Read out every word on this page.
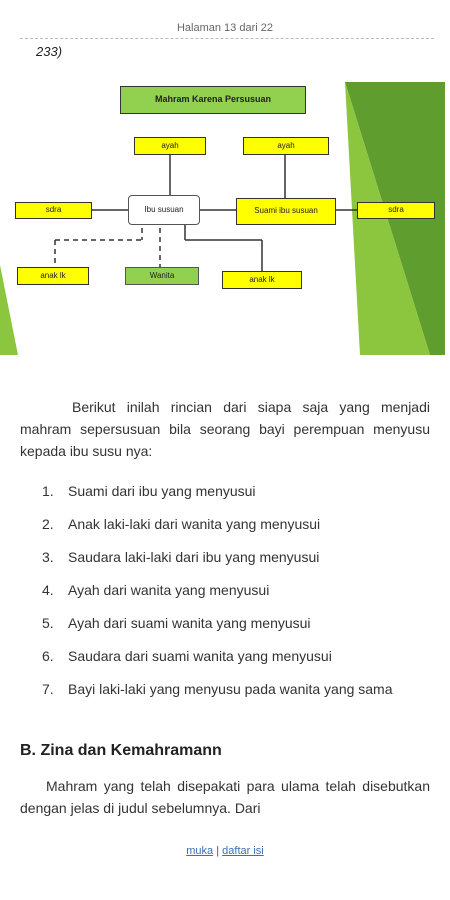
Halaman 13 dari 22
233)
Mahram Karena Persusuan
ayah	ayah
sdra	Ibu susuan	Suami ibu susuan	sdra
anak lk	Wanita	anak lk
Berikut inilah rincian dari siapa saja yang menjadi mahram sepersusuan bila seorang bayi perempuan menyusu kepada ibu susu nya:
1. Suami dari ibu yang menyusui
2. Anak laki-laki dari wanita yang menyusui
3. Saudara laki-laki dari ibu yang menyusui
4. Ayah dari wanita yang menyusui
5. Ayah dari suami wanita yang menyusui
6. Saudara dari suami wanita yang menyusui
7. Bayi laki-laki yang menyusu pada wanita yang sama
B. Zina dan Kemahramann
Mahram yang telah disepakati para ulama telah disebutkan dengan jelas di judul sebelumnya. Dari
muka | daftar isi
